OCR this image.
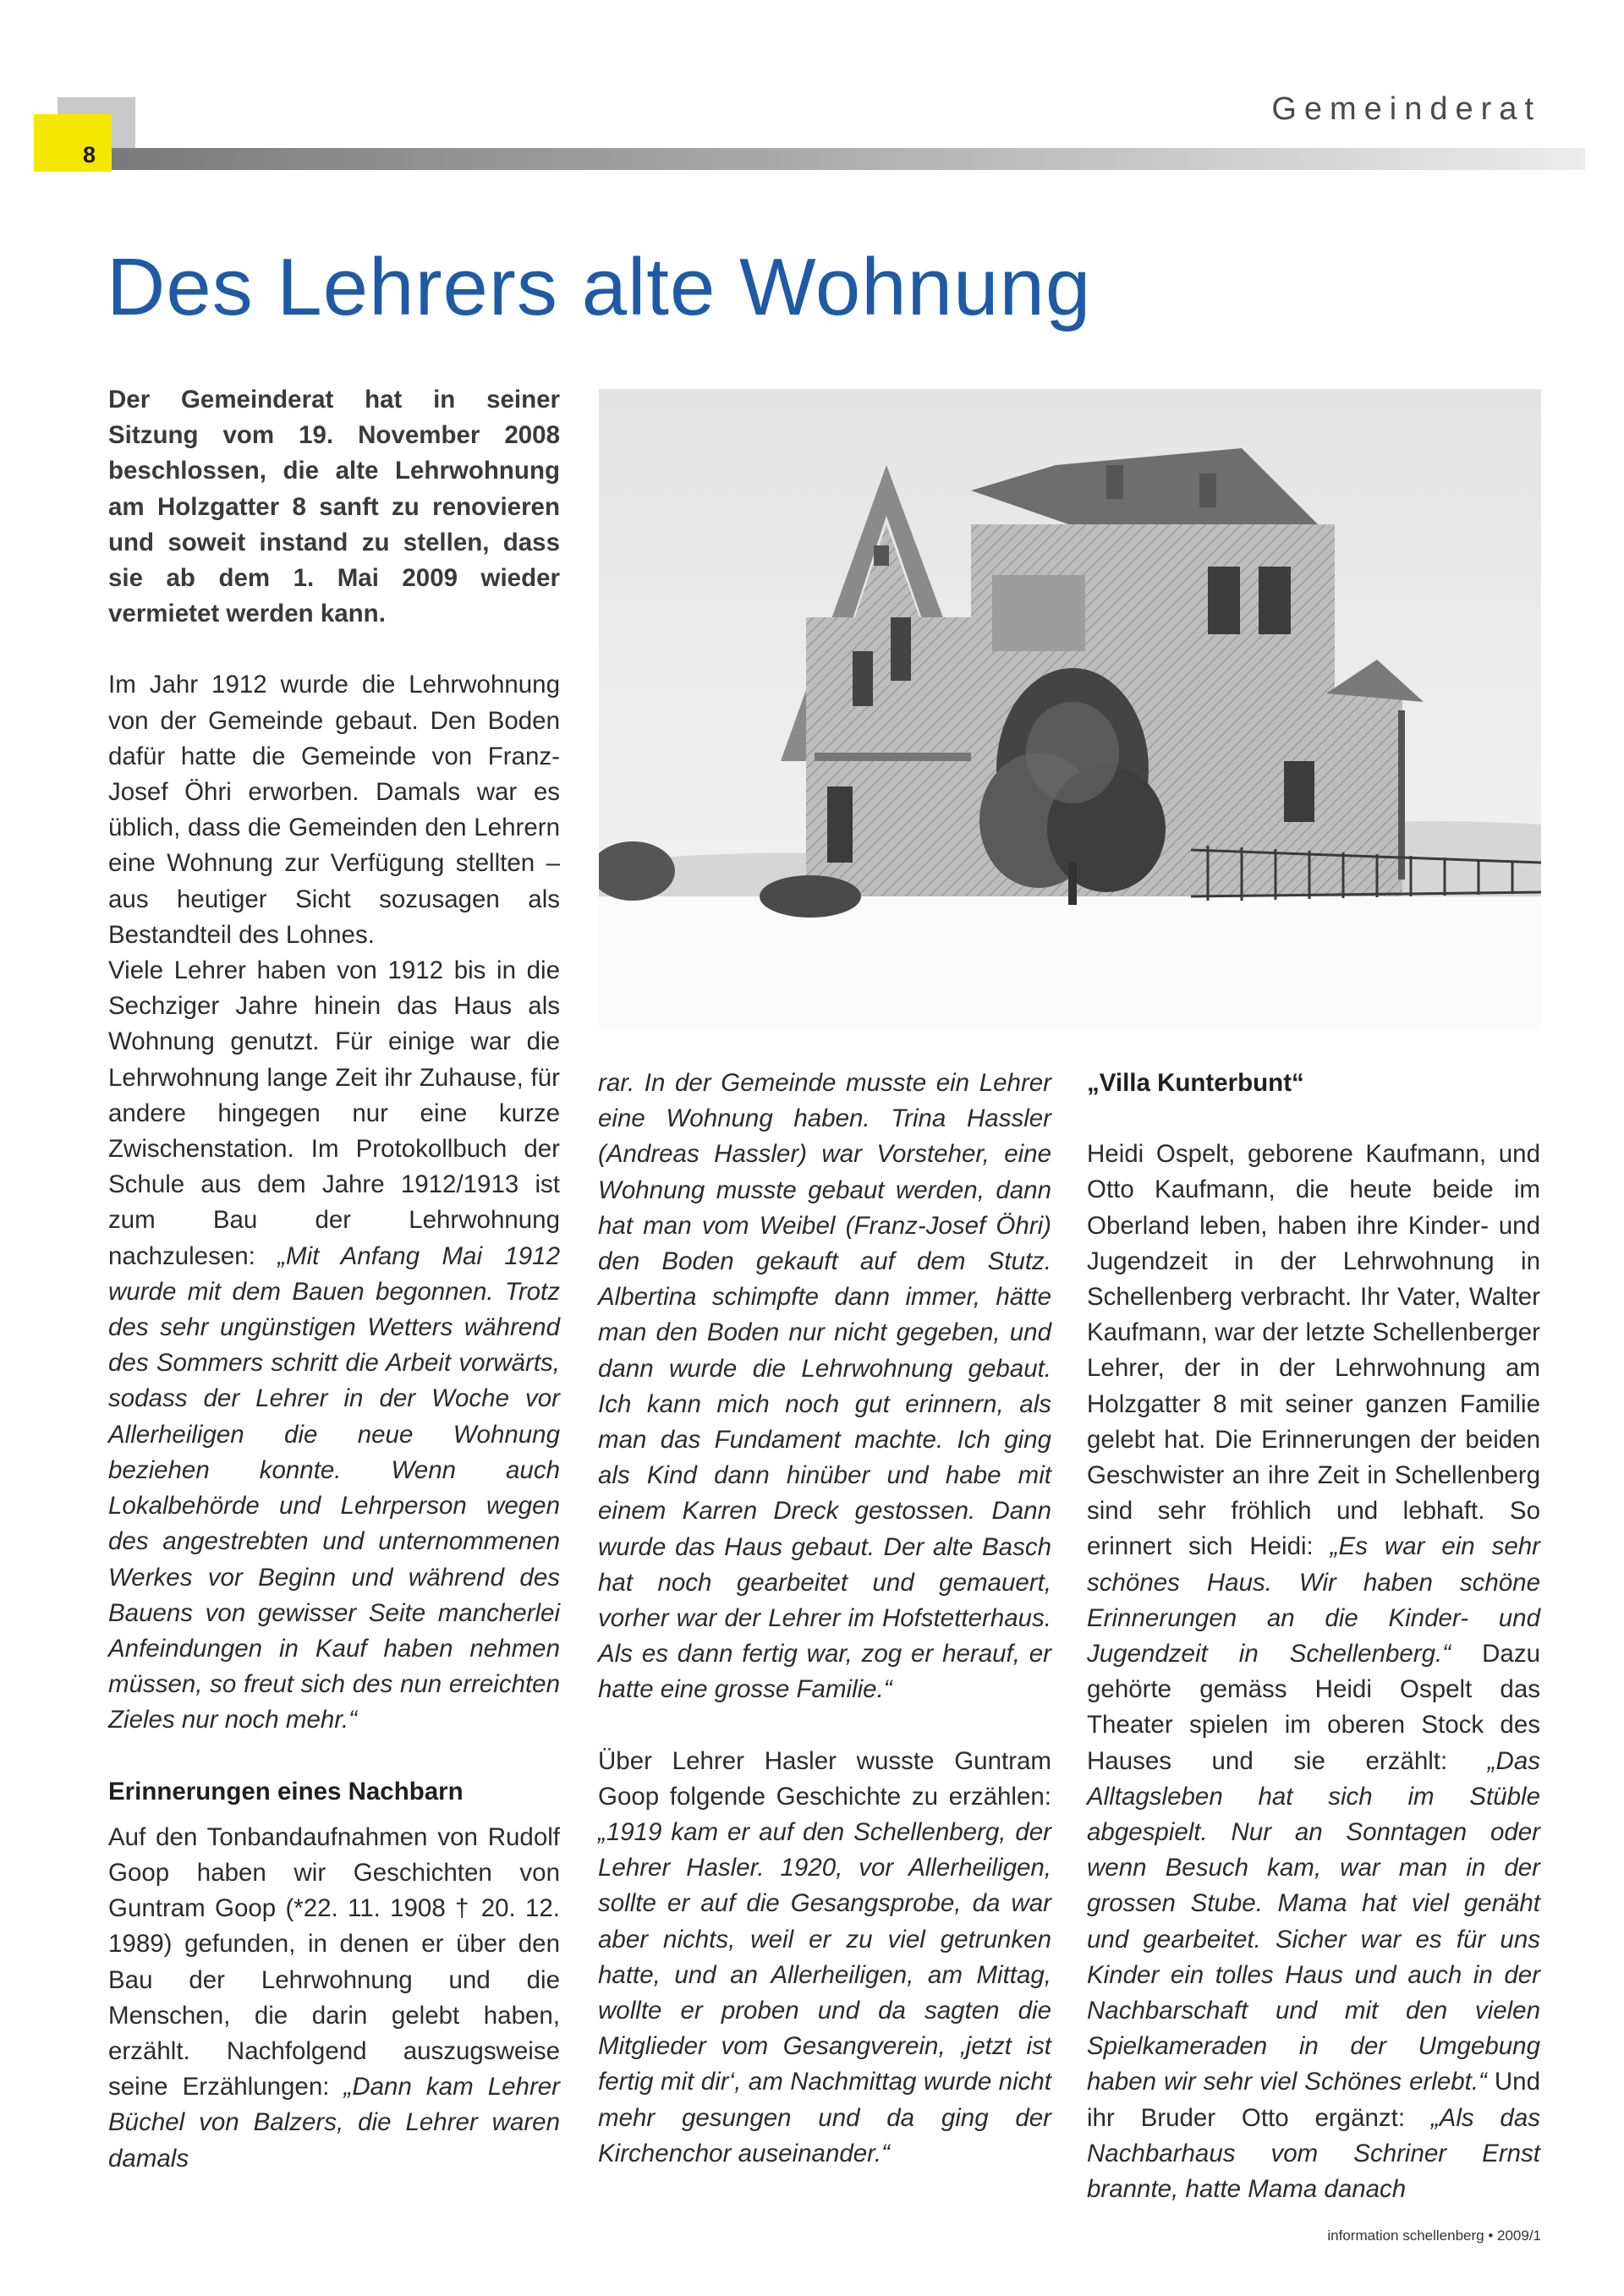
8
Gemeinderat
Des Lehrers alte Wohnung

Der Gemeinderat hat in seiner Sitzung vom 19. November 2008 beschlossen, die alte Lehrwohnung am Holzgatter 8 sanft zu renovieren und soweit instand zu stellen, dass sie ab dem 1. Mai 2009 wieder vermietet werden kann.

Im Jahr 1912 wurde die Lehrwohnung von der Gemeinde gebaut. Den Boden dafür hatte die Gemeinde von Franz-Josef Öhri erworben. Damals war es üblich, dass die Gemeinden den Lehrern eine Wohnung zur Verfügung stellten – aus heutiger Sicht sozusagen als Bestandteil des Lohnes.

Viele Lehrer haben von 1912 bis in die Sechziger Jahre hinein das Haus als Wohnung genutzt. Für einige war die Lehrwohnung lange Zeit ihr Zuhause, für andere hingegen nur eine kurze Zwischenstation. Im Protokollbuch der Schule aus dem Jahre 1912/1913 ist zum Bau der Lehrwohnung nachzulesen: „Mit Anfang Mai 1912 wurde mit dem Bauen begonnen. Trotz des sehr ungünstigen Wetters während des Sommers schritt die Arbeit vorwärts, sodass der Lehrer in der Woche vor Allerheiligen die neue Wohnung beziehen konnte. Wenn auch Lokalbehörde und Lehrperson wegen des angestrebten und unternommenen Werkes vor Beginn und während des Bauens von gewisser Seite mancherlei Anfeindungen in Kauf haben nehmen müssen, so freut sich des nun erreichten Zieles nur noch mehr.“

Erinnerungen eines Nachbarn

Auf den Tonbandaufnahmen von Rudolf Goop haben wir Geschichten von Guntram Goop (*22. 11. 1908 † 20. 12. 1989) gefunden, in denen er über den Bau der Lehrwohnung und die Menschen, die darin gelebt haben, erzählt. Nachfolgend auszugsweise seine Erzählungen: „Dann kam Lehrer Büchel von Balzers, die Lehrer waren damals

rar. In der Gemeinde musste ein Lehrer eine Wohnung haben. Trina Hassler (Andreas Hassler) war Vorsteher, eine Wohnung musste gebaut werden, dann hat man vom Weibel (Franz-Josef Öhri) den Boden gekauft auf dem Stutz. Albertina schimpfte dann immer, hätte man den Boden nur nicht gegeben, und dann wurde die Lehrwohnung gebaut. Ich kann mich noch gut erinnern, als man das Fundament machte. Ich ging als Kind dann hinüber und habe mit einem Karren Dreck gestossen. Dann wurde das Haus gebaut. Der alte Basch hat noch gearbeitet und gemauert, vorher war der Lehrer im Hofstetterhaus. Als es dann fertig war, zog er herauf, er hatte eine grosse Familie.“

Über Lehrer Hasler wusste Guntram Goop folgende Geschichte zu erzählen: „1919 kam er auf den Schellenberg, der Lehrer Hasler. 1920, vor Allerheiligen, sollte er auf die Gesangsprobe, da war aber nichts, weil er zu viel getrunken hatte, und an Allerheiligen, am Mittag, wollte er proben und da sagten die Mitglieder vom Gesangverein, ‚jetzt ist fertig mit dir‘, am Nachmittag wurde nicht mehr gesungen und da ging der Kirchenchor auseinander.“

„Villa Kunterbunt“

Heidi Ospelt, geborene Kaufmann, und Otto Kaufmann, die heute beide im Oberland leben, haben ihre Kinder- und Jugendzeit in der Lehrwohnung in Schellenberg verbracht. Ihr Vater, Walter Kaufmann, war der letzte Schellenberger Lehrer, der in der Lehrwohnung am Holzgatter 8 mit seiner ganzen Familie gelebt hat. Die Erinnerungen der beiden Geschwister an ihre Zeit in Schellenberg sind sehr fröhlich und lebhaft. So erinnert sich Heidi: „Es war ein sehr schönes Haus. Wir haben schöne Erinnerungen an die Kinder- und Jugendzeit in Schellenberg.“ Dazu gehörte gemäss Heidi Ospelt das Theater spielen im oberen Stock des Hauses und sie erzählt: „Das Alltagsleben hat sich im Stüble abgespielt. Nur an Sonntagen oder wenn Besuch kam, war man in der grossen Stube. Mama hat viel genäht und gearbeitet. Sicher war es für uns Kinder ein tolles Haus und auch in der Nachbarschaft und mit den vielen Spielkameraden in der Umgebung haben wir sehr viel Schönes erlebt.“ Und ihr Bruder Otto ergänzt: „Als das Nachbarhaus vom Schriner Ernst brannte, hatte Mama danach

information schellenberg • 2009/1
